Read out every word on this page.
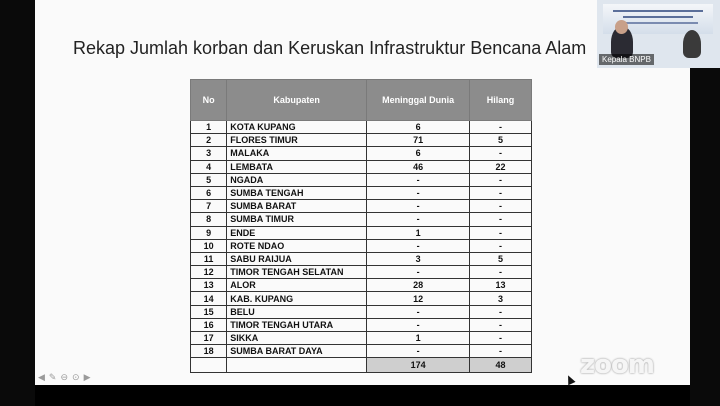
Rekap Jumlah korban dan Keruskan Infrastruktur Bencana Alam
No	Kabupaten	Meninggal Dunia	Hilang
1	KOTA KUPANG	6	-
2	FLORES TIMUR	71	5
3	MALAKA	6	-
4	LEMBATA	46	22
5	NGADA	-	-
6	SUMBA TENGAH	-	-
7	SUMBA BARAT	-	-
8	SUMBA TIMUR	-	-
9	ENDE	1	-
10	ROTE NDAO	-	-
11	SABU RAIJUA	3	5
12	TIMOR TENGAH SELATAN	-	-
13	ALOR	28	13
14	KAB. KUPANG	12	3
15	BELU	-	-
16	TIMOR TENGAH UTARA	-	-
17	SIKKA	1	-
18	SUMBA BARAT DAYA	-	-
		174	48
Kepala BNPB
◀ ✎ ⊖ ⊙ ▶	zoom
